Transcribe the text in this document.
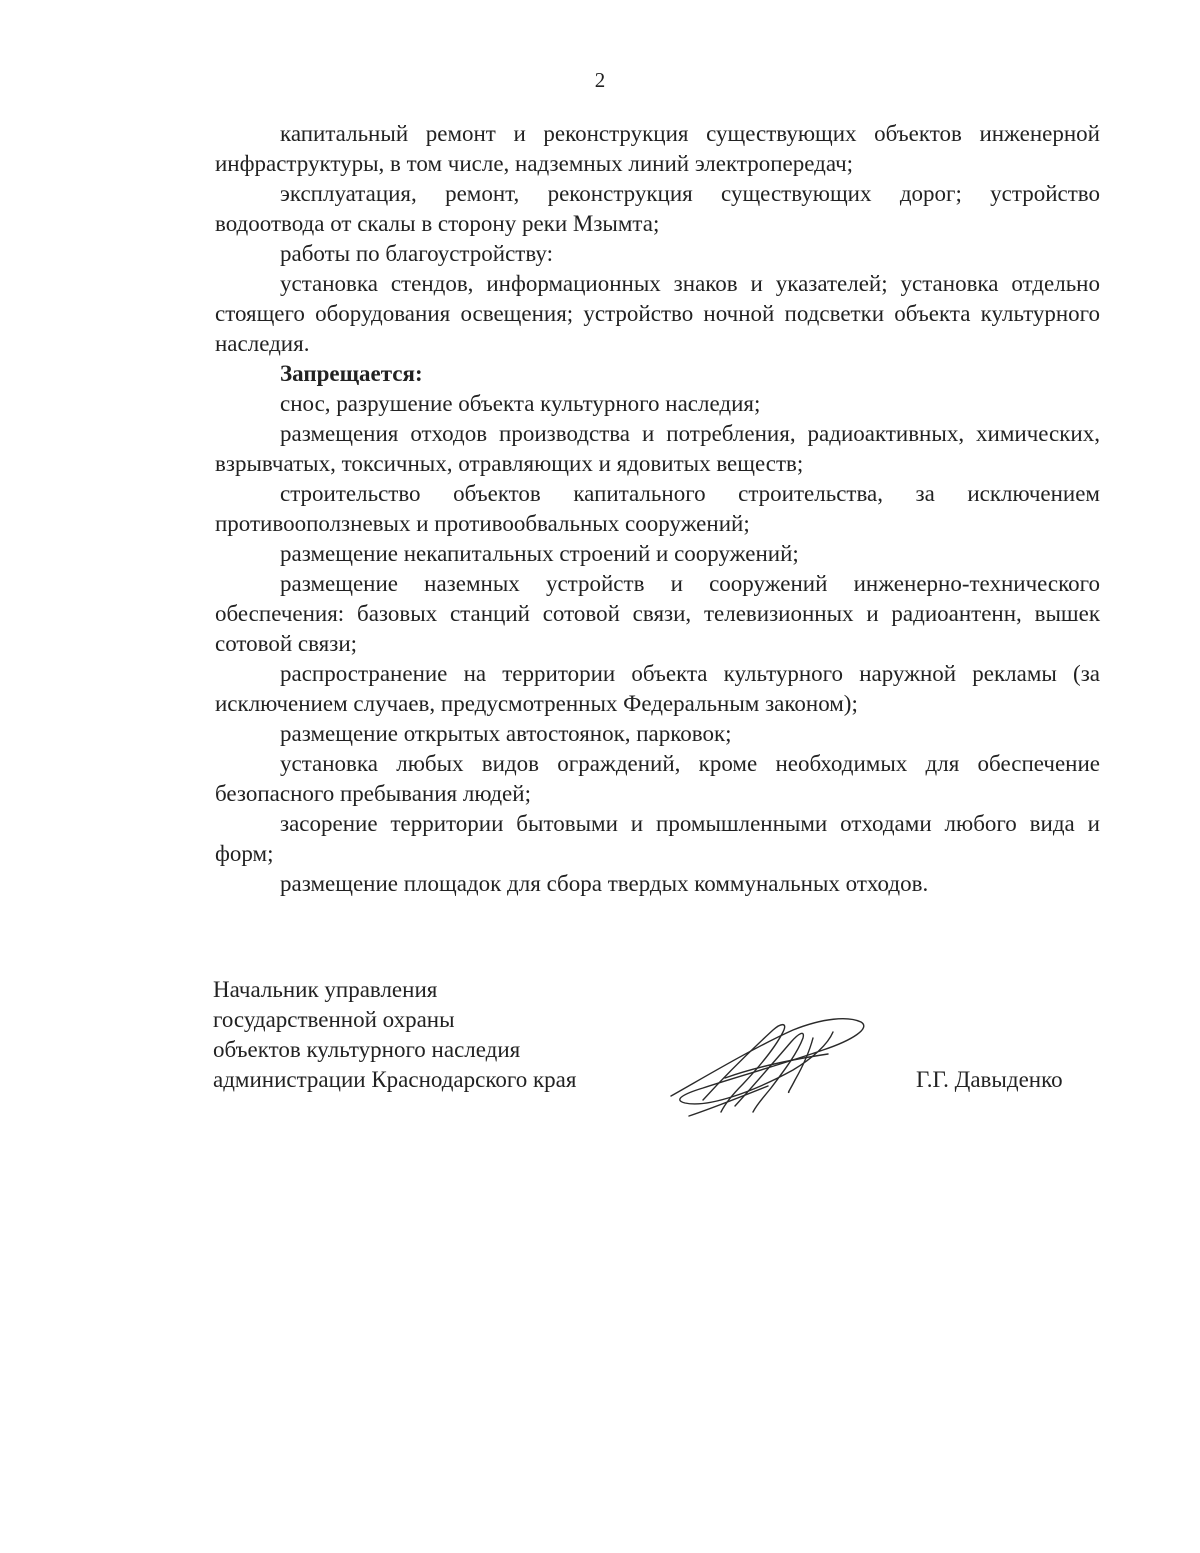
2

капитальный ремонт и реконструкция существующих объектов инженерной инфраструктуры, в том числе, надземных линий электропередач;

эксплуатация, ремонт, реконструкция существующих дорог; устройство водоотвода от скалы в сторону реки Мзымта;

работы по благоустройству:

установка стендов, информационных знаков и указателей; установка отдельно стоящего оборудования освещения; устройство ночной подсветки объекта культурного наследия.

Запрещается:

снос, разрушение объекта культурного наследия;

размещения отходов производства и потребления, радиоактивных, химических, взрывчатых, токсичных, отравляющих и ядовитых веществ;

строительство объектов капитального строительства, за исключением противооползневых и противообвальных сооружений;

размещение некапитальных строений и сооружений;

размещение наземных устройств и сооружений инженерно-технического обеспечения: базовых станций сотовой связи, телевизионных и радиоантенн, вышек сотовой связи;

распространение на территории объекта культурного наружной рекламы (за исключением случаев, предусмотренных Федеральным законом);

размещение открытых автостоянок, парковок;

установка любых видов ограждений, кроме необходимых для обеспечение безопасного пребывания людей;

засорение территории бытовыми и промышленными отходами любого вида и форм;

размещение площадок для сбора твердых коммунальных отходов.

Начальник управления
государственной охраны
объектов культурного наследия
администрации Краснодарского края	Г.Г. Давыденко
